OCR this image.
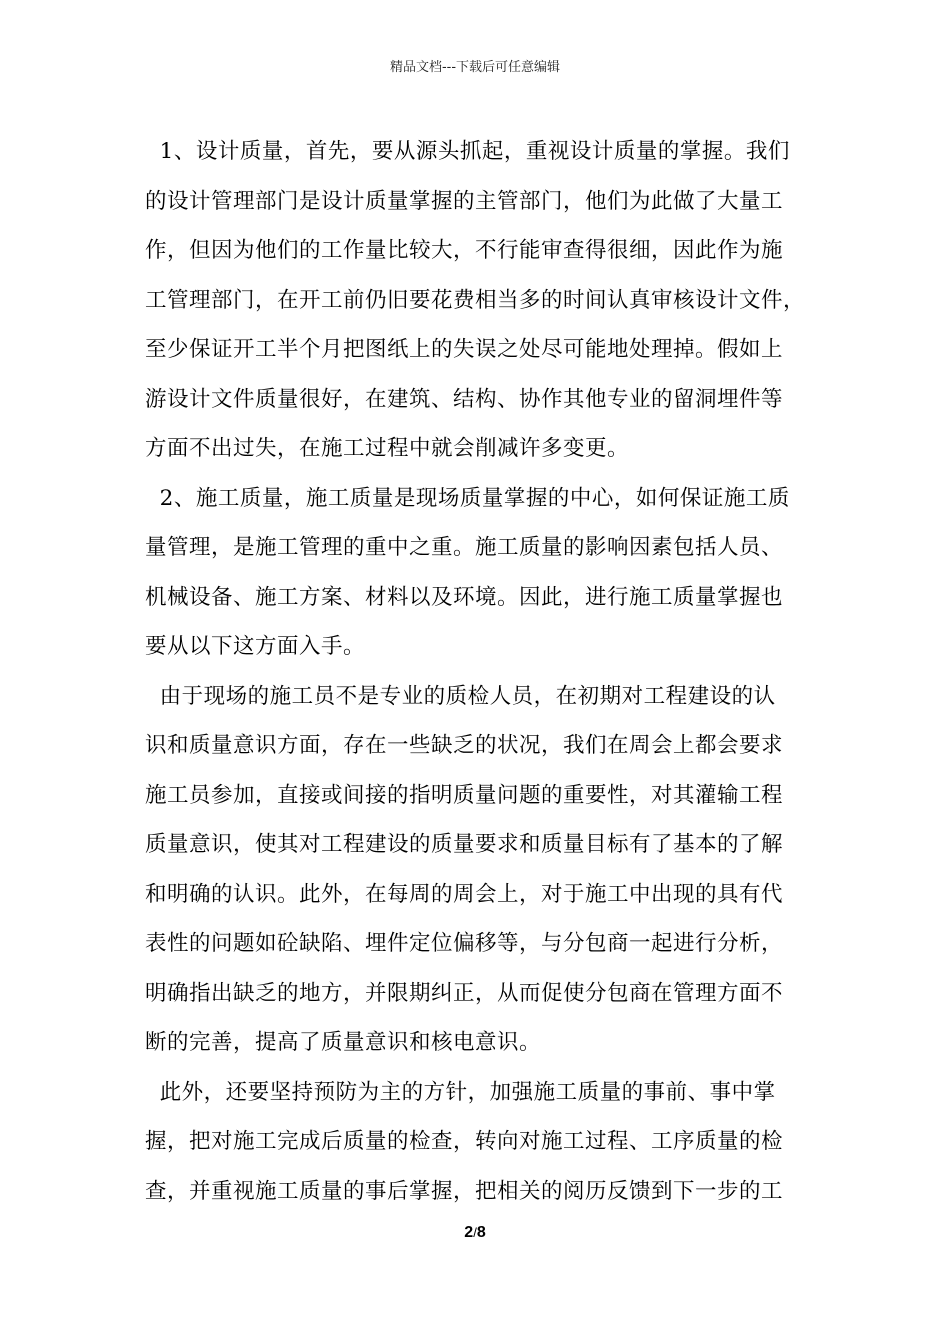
精品文档---下载后可任意编辑

1、设计质量，首先，要从源头抓起，重视设计质量的掌握。我们
的设计管理部门是设计质量掌握的主管部门，他们为此做了大量工
作，但因为他们的工作量比较大，不行能审查得很细，因此作为施
工管理部门，在开工前仍旧要花费相当多的时间认真审核设计文件，
至少保证开工半个月把图纸上的失误之处尽可能地处理掉。假如上
游设计文件质量很好，在建筑、结构、协作其他专业的留洞埋件等
方面不出过失，在施工过程中就会削减许多变更。

2、施工质量，施工质量是现场质量掌握的中心，如何保证施工质
量管理，是施工管理的重中之重。施工质量的影响因素包括人员、
机械设备、施工方案、材料以及环境。因此，进行施工质量掌握也
要从以下这方面入手。

由于现场的施工员不是专业的质检人员，在初期对工程建设的认
识和质量意识方面，存在一些缺乏的状况，我们在周会上都会要求
施工员参加，直接或间接的指明质量问题的重要性，对其灌输工程
质量意识，使其对工程建设的质量要求和质量目标有了基本的了解
和明确的认识。此外，在每周的周会上，对于施工中出现的具有代
表性的问题如砼缺陷、埋件定位偏移等，与分包商一起进行分析，
明确指出缺乏的地方，并限期纠正，从而促使分包商在管理方面不
断的完善，提高了质量意识和核电意识。

此外，还要坚持预防为主的方针，加强施工质量的事前、事中掌
握，把对施工完成后质量的检查，转向对施工过程、工序质量的检
查，并重视施工质量的事后掌握，把相关的阅历反馈到下一步的工

2/8
